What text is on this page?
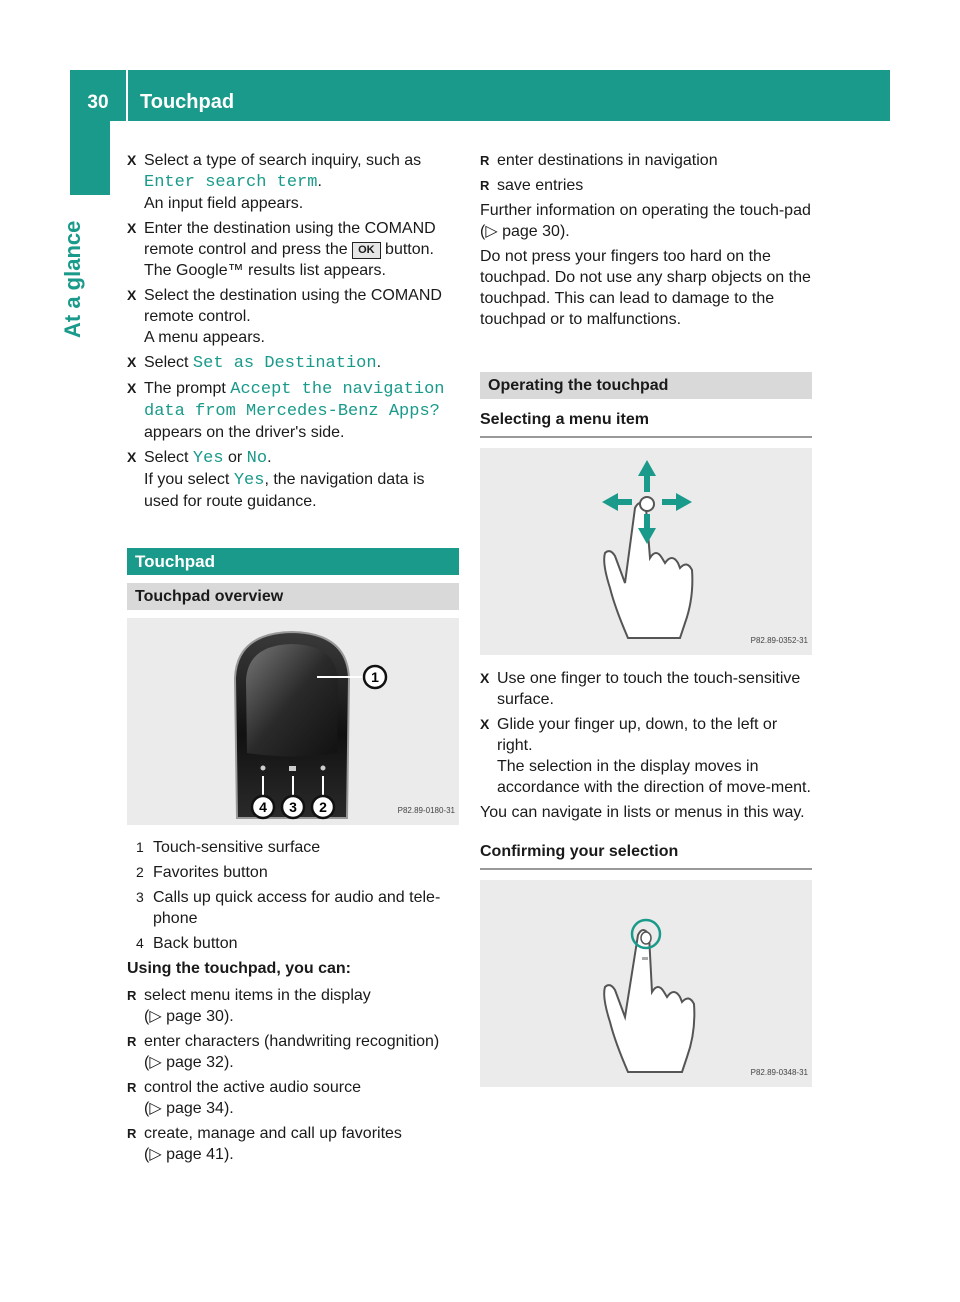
30	Touchpad
At a glance
X Select a type of search inquiry, such as Enter search term.
An input field appears.
X Enter the destination using the COMAND remote control and press the OK button.
The Google™ results list appears.
X Select the destination using the COMAND remote control.
A menu appears.
X Select Set as Destination.
X The prompt Accept the navigation data from Mercedes-Benz Apps?
appears on the driver's side.
X Select Yes or No.
If you select Yes, the navigation data is used for route guidance.
Touchpad
Touchpad overview
1
4 3 2	P82.89-0180-31
1 Touch-sensitive surface
2 Favorites button
3 Calls up quick access for audio and tele-phone
4 Back button

Using the touchpad, you can:

R select menu items in the display
(▷ page 30).
R enter characters (handwriting recognition)
(▷ page 32).
R control the active audio source
(▷ page 34).
R create, manage and call up favorites
(▷ page 41).
R enter destinations in navigation
R save entries

Further information on operating the touch-pad (▷ page 30).

Do not press your fingers too hard on the touchpad. Do not use any sharp objects on the touchpad. This can lead to damage to the touchpad or to malfunctions.

Operating the touchpad
Selecting a menu item
P82.89-0352-31
X Use one finger to touch the touch-sensitive surface.
X Glide your finger up, down, to the left or right.
The selection in the display moves in accordance with the direction of move-ment.

You can navigate in lists or menus in this way.

Confirming your selection
P82.89-0348-31
